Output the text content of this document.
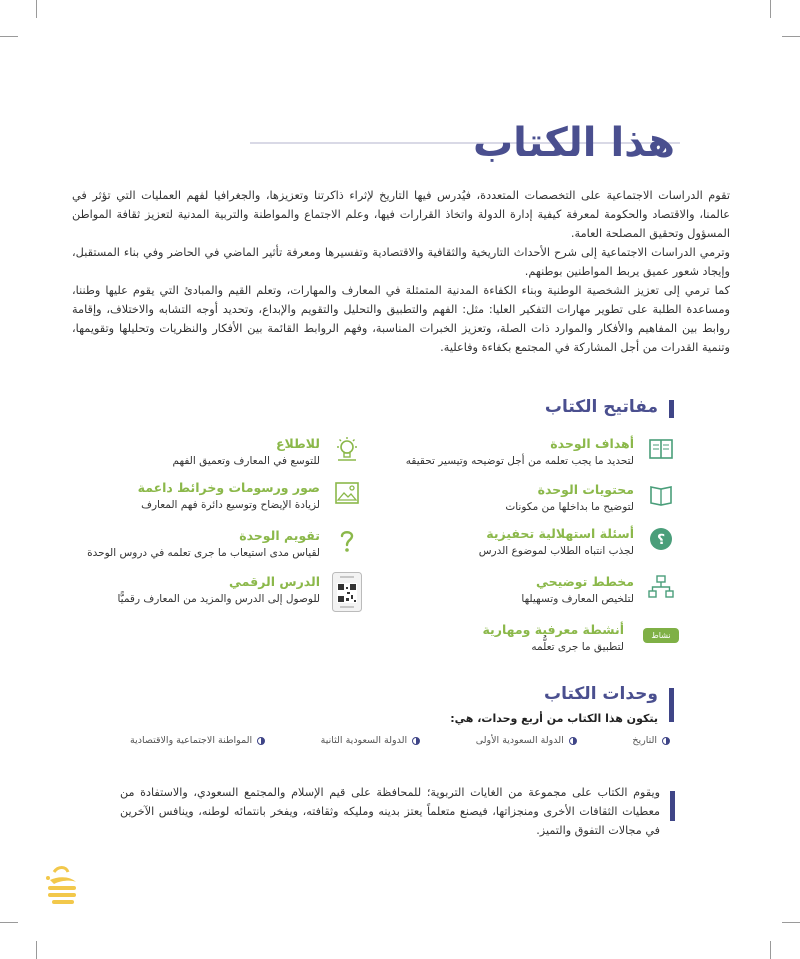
هذا الكتاب

تقوم الدراسات الاجتماعية على التخصصات المتعددة، فيُدرس فيها التاريخ لإثراء ذاكرتنا وتعزيزها، والجغرافيا لفهم العمليات التي تؤثر في عالمنا، والاقتصاد والحكومة لمعرفة كيفية إدارة الدولة واتخاذ القرارات فيها، وعلم الاجتماع والمواطنة والتربية المدنية لتعزيز ثقافة المواطن المسؤول وتحقيق المصلحة العامة.

وترمي الدراسات الاجتماعية إلى شرح الأحداث التاريخية والثقافية والاقتصادية وتفسيرها ومعرفة تأثير الماضي في الحاضر وفي بناء المستقبل، وإيجاد شعور عميق يربط المواطنين بوطنهم.

كما ترمي إلى تعزيز الشخصية الوطنية وبناء الكفاءة المدنية المتمثلة في المعارف والمهارات، وتعلم القيم والمبادئ التي يقوم عليها وطننا، ومساعدة الطلبة على تطوير مهارات التفكير العليا: مثل: الفهم والتطبيق والتحليل والتقويم والإبداع، وتحديد أوجه التشابه والاختلاف، وإقامة روابط بين المفاهيم والأفكار والموارد ذات الصلة، وتعزيز الخبرات المناسبة، وفهم الروابط القائمة بين الأفكار والنظريات وتحليلها وتقويمها، وتنمية القدرات من أجل المشاركة في المجتمع بكفاءة وفاعلية.

مفاتيح الكتاب
أهداف الوحدة
لتحديد ما يجب تعلمه من أجل توضيحه وتيسير تحقيقه
محتويات الوحدة
لتوضيح ما بداخلها من مكونات
؟
أسئلة استهلالية تحفيزية
لجذب انتباه الطلاب لموضوع الدرس
مخطط توضيحي
لتلخيص المعارف وتسهيلها
نشاط
أنشطة معرفية ومهارية
لتطبيق ما جرى تعلُّمه
للاطلاع
للتوسع في المعارف وتعميق الفهم
صور ورسومات وخرائط داعمة
لزيادة الإيضاح وتوسيع دائرة فهم المعارف
تقويم الوحدة
لقياس مدى استيعاب ما جرى تعلمه في دروس الوحدة
الدرس الرقمي
للوصول إلى الدرس والمزيد من المعارف رقميًّا
وحدات الكتاب
يتكون هذا الكتاب من أربع وحدات، هي:
التاريخ
الدولة السعودية الأولى
الدولة السعودية الثانية
المواطنة الاجتماعية والاقتصادية
ويقوم الكتاب على مجموعة من الغايات التربوية؛ للمحافظة على قيم الإسلام والمجتمع السعودي، والاستفادة من معطيات الثقافات الأخرى ومنجزاتها، فيصنع متعلماً يعتز بدينه ومليكه وثقافته، ويفخر بانتمائه لوطنه، وينافس الآخرين في مجالات التفوق والتميز.
